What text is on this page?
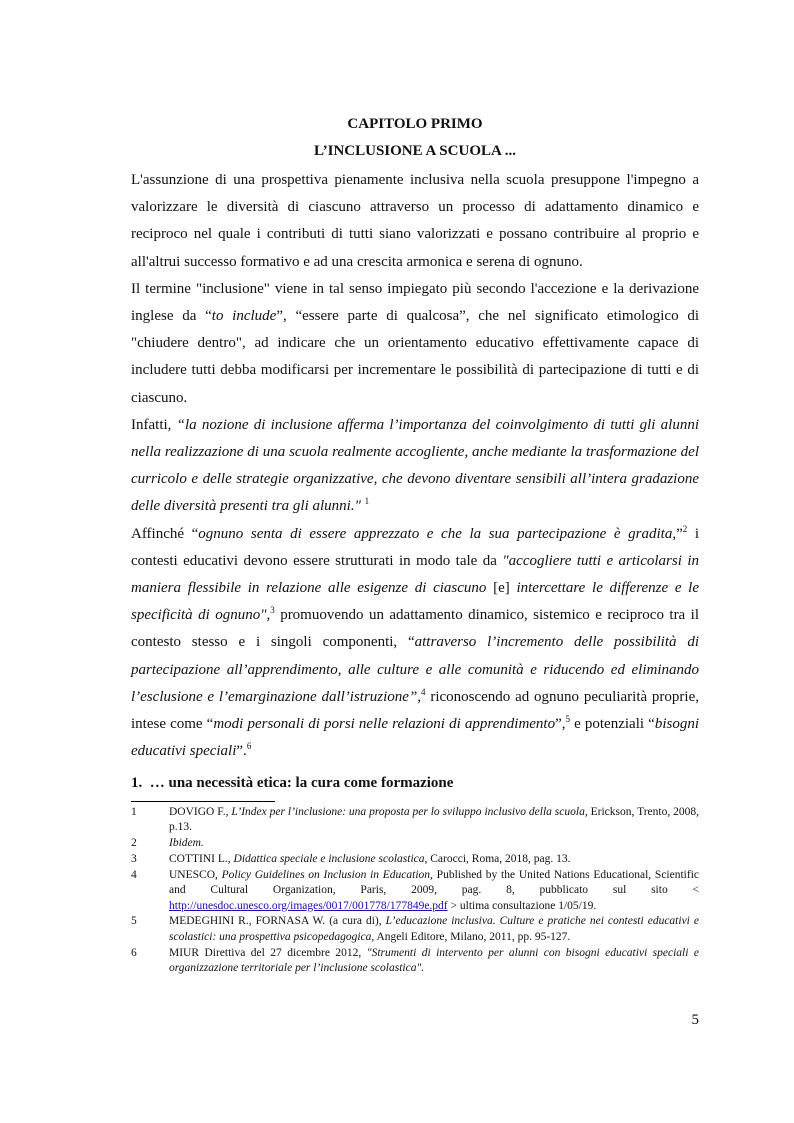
CAPITOLO PRIMO
L’INCLUSIONE A SCUOLA ...

L'assunzione di una prospettiva pienamente inclusiva nella scuola presuppone l'impegno a valorizzare le diversità di ciascuno attraverso un processo di adattamento dinamico e reciproco nel quale i contributi di tutti siano valorizzati e possano contribuire al proprio e all'altrui successo formativo e ad una crescita armonica e serena di ognuno.

Il termine "inclusione" viene in tal senso impiegato più secondo l'accezione e la derivazione inglese da “to include”, “essere parte di qualcosa”, che nel significato etimologico di "chiudere dentro", ad indicare che un orientamento educativo effettivamente capace di includere tutti debba modificarsi per incrementare le possibilità di partecipazione di tutti e di ciascuno.

Infatti, “la nozione di inclusione afferma l’importanza del coinvolgimento di tutti gli alunni nella realizzazione di una scuola realmente accogliente, anche mediante la trasformazione del curricolo e delle strategie organizzative, che devono diventare sensibili all’intera gradazione delle diversità presenti tra gli alunni." $^1$

Affinché “ognuno senta di essere apprezzato e che la sua partecipazione è gradita,”$^2$ i contesti educativi devono essere strutturati in modo tale da "accogliere tutti e articolarsi in maniera flessibile in relazione alle esigenze di ciascuno [e] intercettare le differenze e le specificità di ognuno",$^3$ promuovendo un adattamento dinamico, sistemico e reciproco tra il contesto stesso e i singoli componenti, “attraverso l’incremento delle possibilità di partecipazione all’apprendimento, alle culture e alle comunità e riducendo ed eliminando l’esclusione e l’emarginazione dall’istruzione”,$^4$ riconoscendo ad ognuno peculiarità proprie, intese come “modi personali di porsi nelle relazioni di apprendimento”,$^5$ e potenziali “bisogni educativi speciali”.$^6$

1. … una necessità etica: la cura come formazione
1	DOVIGO F., L’Index per l’inclusione: una proposta per lo sviluppo inclusivo della scuola, Erickson, Trento, 2008, p.13.
2	Ibidem.
3	COTTINI L., Didattica speciale e inclusione scolastica, Carocci, Roma, 2018, pag. 13.
4	UNESCO, Policy Guidelines on Inclusion in Education, Published by the United Nations Educational, Scientific and Cultural Organization, Paris, 2009, pag. 8, pubblicato sul sito < http://unesdoc.unesco.org/images/0017/001778/177849e.pdf > ultima consultazione 1/05/19.
5	MEDEGHINI R., FORNASA W. (a cura di), L’educazione inclusiva. Culture e pratiche nei contesti educativi e scolastici: una prospettiva psicopedagogica, Angeli Editore, Milano, 2011, pp. 95-127.
6	MIUR Direttiva del 27 dicembre 2012, "Strumenti di intervento per alunni con bisogni educativi speciali e organizzazione territoriale per l’inclusione scolastica".
5
